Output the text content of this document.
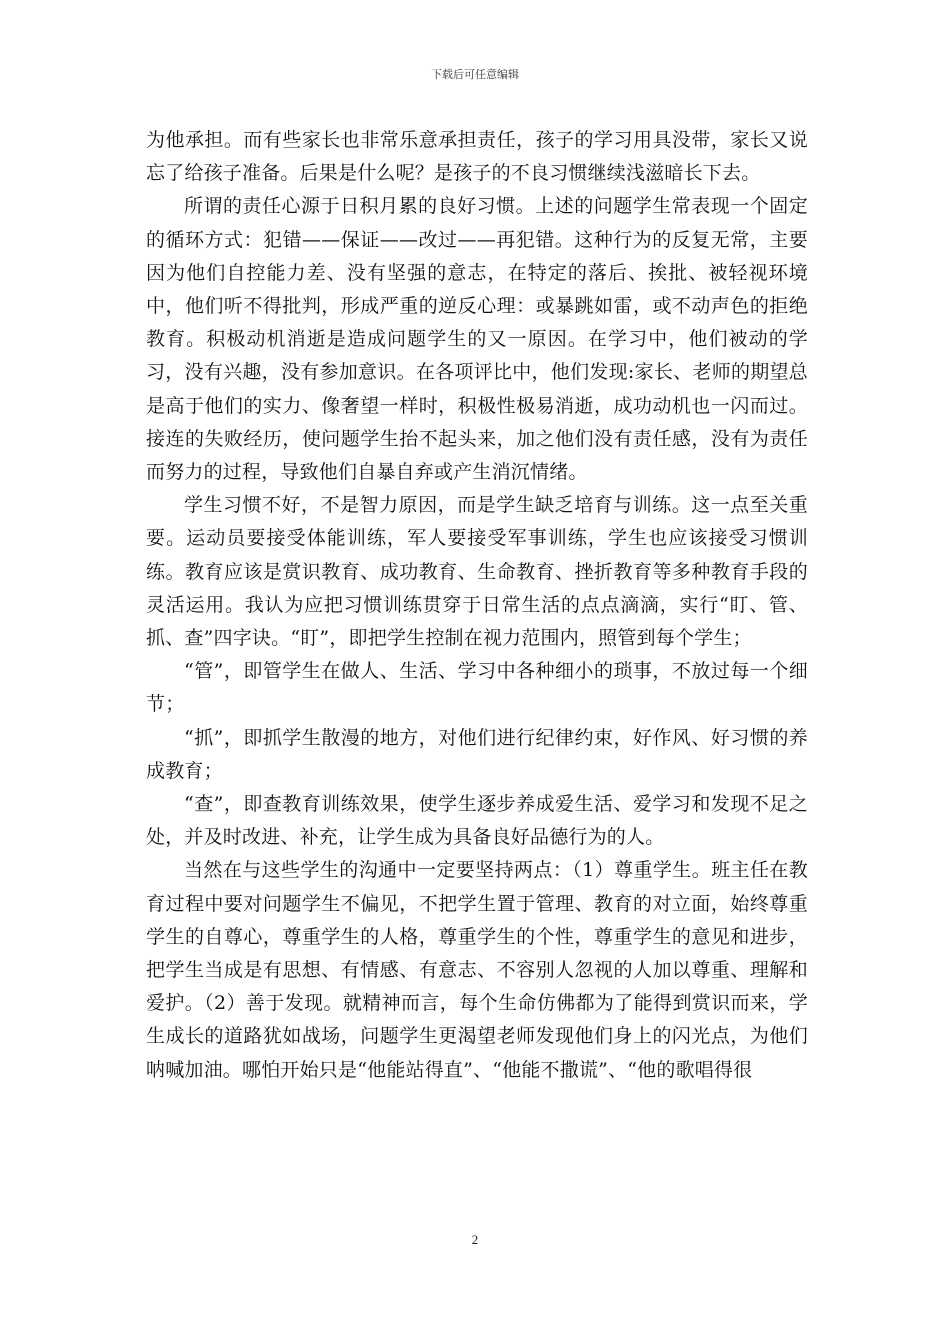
下载后可任意编辑

为他承担。而有些家长也非常乐意承担责任，孩子的学习用具没带，家长又说忘了给孩子准备。后果是什么呢？是孩子的不良习惯继续浅滋暗长下去。

所谓的责任心源于日积月累的良好习惯。上述的问题学生常表现一个固定的循环方式：犯错——保证——改过——再犯错。这种行为的反复无常，主要因为他们自控能力差、没有坚强的意志，在特定的落后、挨批、被轻视环境中，他们听不得批判，形成严重的逆反心理：或暴跳如雷，或不动声色的拒绝教育。积极动机消逝是造成问题学生的又一原因。在学习中，他们被动的学习，没有兴趣，没有参加意识。在各项评比中，他们发现:家长、老师的期望总是高于他们的实力、像奢望一样时，积极性极易消逝，成功动机也一闪而过。接连的失败经历，使问题学生抬不起头来，加之他们没有责任感，没有为责任而努力的过程，导致他们自暴自弃或产生消沉情绪。

学生习惯不好，不是智力原因，而是学生缺乏培育与训练。这一点至关重要。运动员要接受体能训练，军人要接受军事训练，学生也应该接受习惯训练。教育应该是赏识教育、成功教育、生命教育、挫折教育等多种教育手段的灵活运用。我认为应把习惯训练贯穿于日常生活的点点滴滴，实行“盯、管、抓、查”四字诀。“盯”，即把学生控制在视力范围内，照管到每个学生；

“管”，即管学生在做人、生活、学习中各种细小的琐事，不放过每一个细节；

“抓”，即抓学生散漫的地方，对他们进行纪律约束，好作风、好习惯的养成教育；

“查”，即查教育训练效果，使学生逐步养成爱生活、爱学习和发现不足之处，并及时改进、补充，让学生成为具备良好品德行为的人。

当然在与这些学生的沟通中一定要坚持两点：（1）尊重学生。班主任在教育过程中要对问题学生不偏见，不把学生置于管理、教育的对立面，始终尊重学生的自尊心，尊重学生的人格，尊重学生的个性，尊重学生的意见和进步，把学生当成是有思想、有情感、有意志、不容别人忽视的人加以尊重、理解和爱护。（2）善于发现。就精神而言，每个生命仿佛都为了能得到赏识而来，学生成长的道路犹如战场，问题学生更渴望老师发现他们身上的闪光点，为他们呐喊加油。哪怕开始只是“他能站得直”、“他能不撒谎”、“他的歌唱得很

2
